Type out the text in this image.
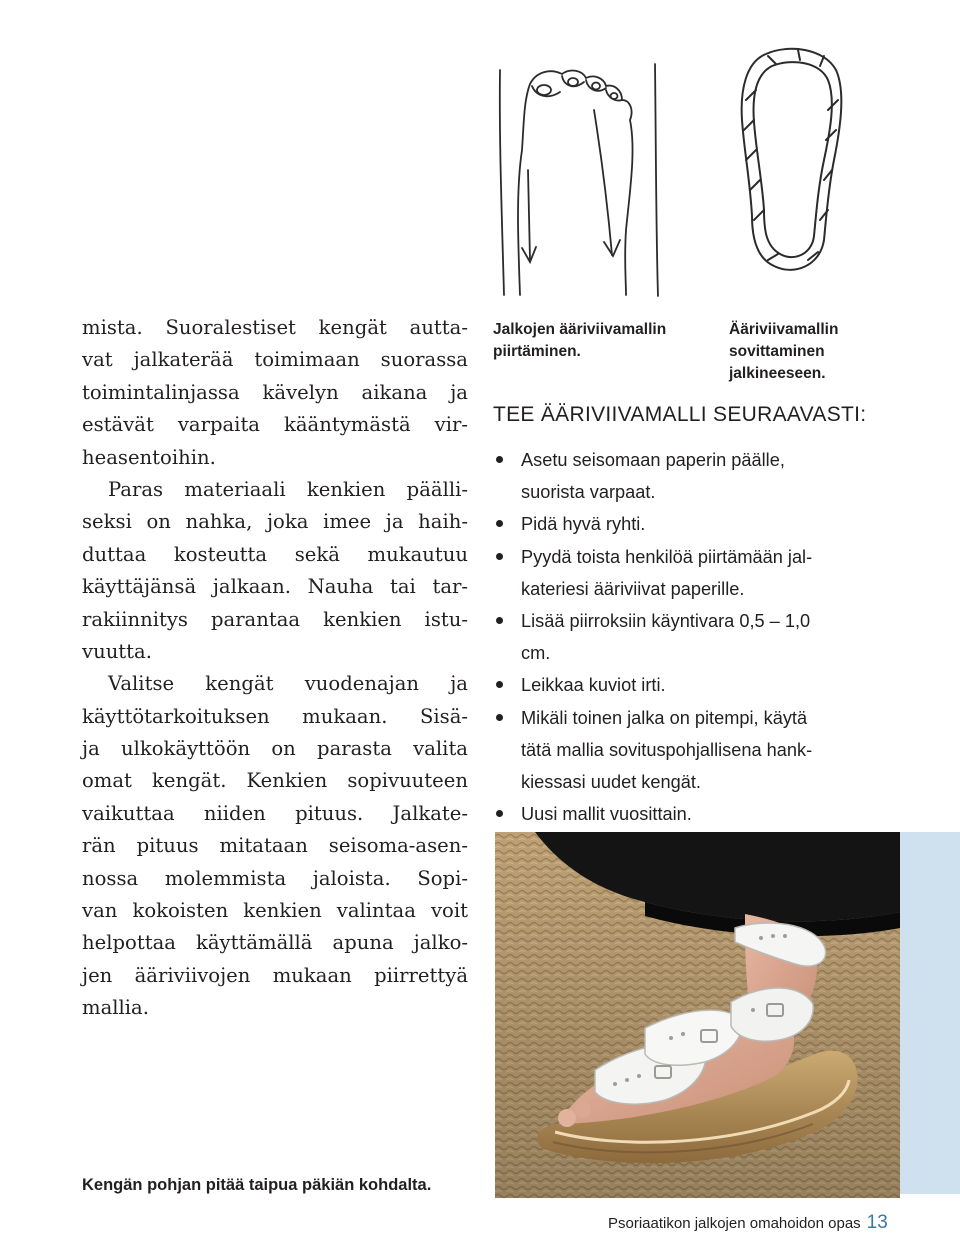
mista. Suoralestiset kengät autta-
vat jalkaterää toimimaan suorassa
toimintalinjassa kävelyn aikana ja
estävät varpaita kääntymästä vir-
heasentoihin.
Paras materiaali kenkien päälli-
seksi on nahka, joka imee ja haih-
duttaa kosteutta sekä mukautuu
käyttäjänsä jalkaan. Nauha tai tar-
rakiinnitys parantaa kenkien istu-
vuutta.
Valitse kengät vuodenajan ja
käyttötarkoituksen mukaan. Sisä-
ja ulkokäyttöön on parasta valita
omat kengät. Kenkien sopivuuteen
vaikuttaa niiden pituus. Jalkate-
rän pituus mitataan seisoma-asen-
nossa molemmista jaloista. Sopi-
van kokoisten kenkien valintaa voit
helpottaa käyttämällä apuna jalko-
jen ääriviivojen mukaan piirrettyä
mallia.
Jalkojen ääriviivamallin
piirtäminen.
Ääriviivamallin
sovittaminen
jalkineeseen.
TEE ÄÄRIVIIVAMALLI SEURAAVASTI:
Asetu seisomaan paperin päälle,
suorista varpaat.
Pidä hyvä ryhti.
Pyydä toista henkilöä piirtämään jal-
kateriesi ääriviivat paperille.
Lisää piirroksiin käyntivara 0,5 – 1,0
cm.
Leikkaa kuviot irti.
Mikäli toinen jalka on pitempi, käytä
tätä mallia sovituspohjallisena hank-
kiessasi uudet kengät.
Uusi mallit vuosittain.
Kengän pohjan pitää taipua päkiän kohdalta.
Psoriaatikon jalkojen omahoidon opas 13
